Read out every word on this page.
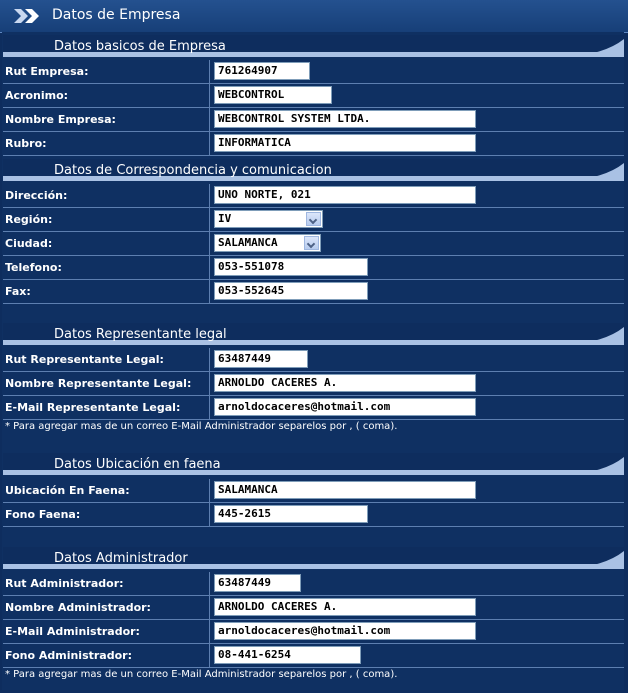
Datos de Empresa
Datos basicos de Empresa
Rut Empresa:	761264907
Acronimo:	WEBCONTROL
Nombre Empresa:	WEBCONTROL SYSTEM LTDA.
Rubro:	INFORMATICA
Datos de Correspondencia y comunicacion
Dirección:	UNO NORTE, 021
Región:	IV
Ciudad:	SALAMANCA
Telefono:	053-551078
Fax:	053-552645
Datos Representante legal
Rut Representante Legal:	63487449
Nombre Representante Legal:	ARNOLDO CACERES A.
E-Mail Representante Legal:	arnoldocaceres@hotmail.com
* Para agregar mas de un correo E-Mail Administrador separelos por , ( coma).
Datos Ubicación en faena
Ubicación En Faena:	SALAMANCA
Fono Faena:	445-2615
Datos Administrador
Rut Administrador:	63487449
Nombre Administrador:	ARNOLDO CACERES A.
E-Mail Administrador:	arnoldocaceres@hotmail.com
Fono Administrador:	08-441-6254
* Para agregar mas de un correo E-Mail Administrador separelos por , ( coma).
